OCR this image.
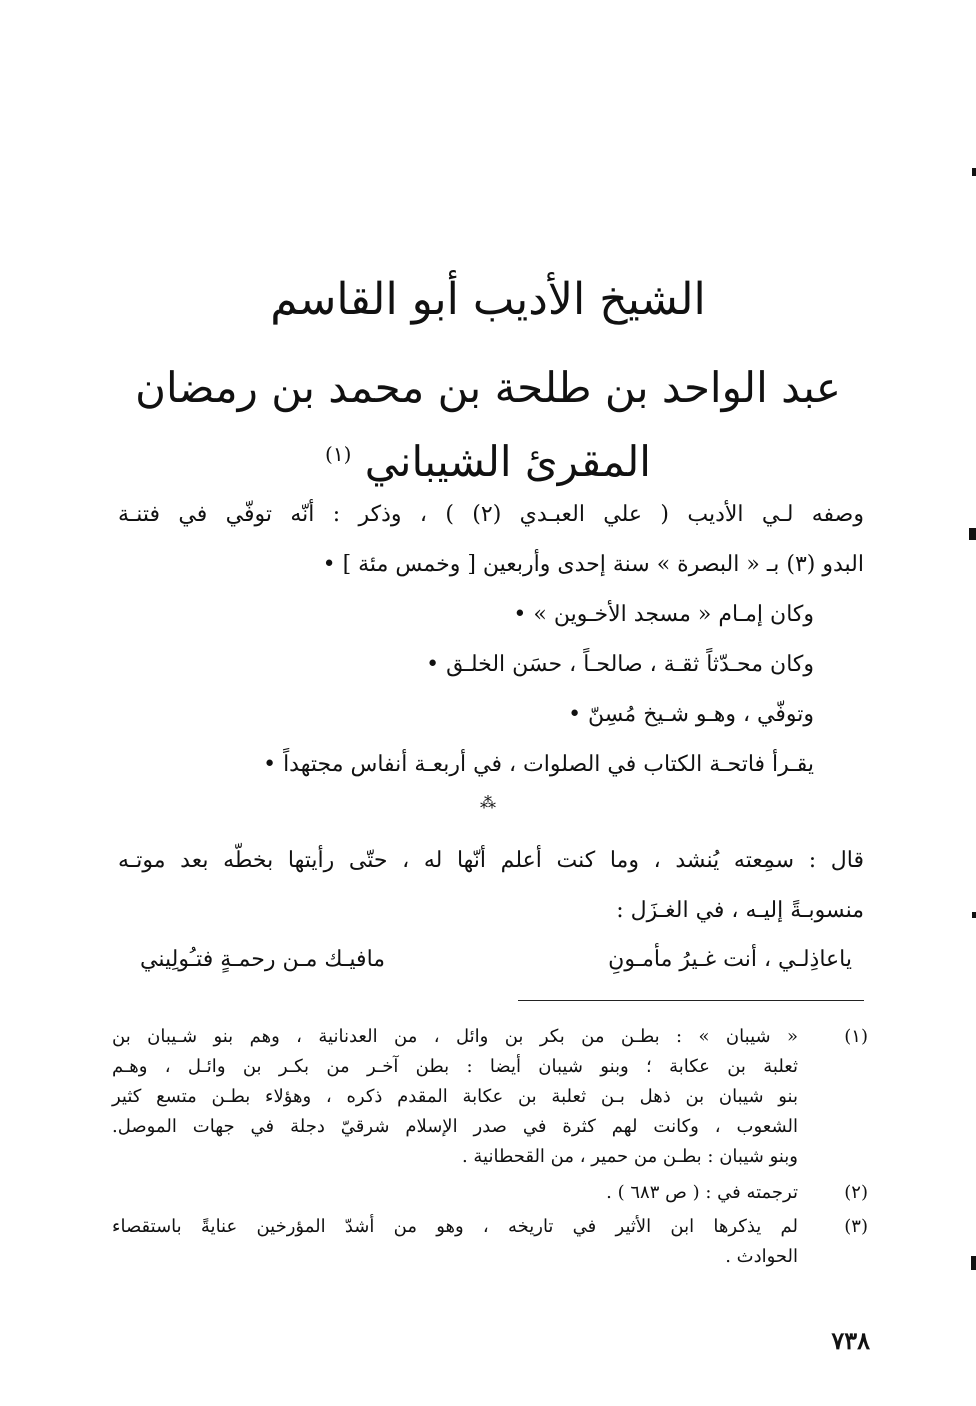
الشيخ الأديب أبو القاسم
عبد الواحد بن طلحة بن محمد بن رمضان المقرئ الشيباني $^{(١)}$
وصفه لـي الأديب ( علي العبـدي (٢) ) ، وذكر : أنّه توفّي في فتنـة
البدو (٣) بـ « البصرة » سنة إحدى وأربعين [ وخمس مئة ] •
وكان إمـام « مسجد الأخـوين » •
وكان محـدّثاً ثقـة ، صالحـاً ، حسَن الخلـق •
وتوفّي ، وهـو شـيخ مُسِنّ •
يقـرأ فاتحـة الكتاب في الصلوات ، في أربعـة أنفاس مجتهداً •
⁂
قال : سمِعته يُنشد ، وما كنت أعلم أنّها له ، حتّى رأيتها بخطّه بعد موتـه
منسوبـةً إليـه ، في الغـزَل :
ياعاذِلـي ، أنت غـيرُ مأمـونِ
مافيـك مـن رحمـةٍ فتـُولِيني
(١)
« شيبان » : بطـن من بكر بن وائل ، من العدنانية ، وهم بنو شـيبان بن
ثعلبة بن عكابة ؛ وبنو شيبان أيضا : بطن آخـر من بكـر بن وائـل ، وهـم
بنو شيبان بن ذهل بـن ثعلبة بن عكابة المقدم ذكره ، وهؤلاء بطـن متسع كثير
الشعوب ، وكانت لهم كثرة في صدر الإسلام شرقيّ دجلة في جهات الموصل.
وبنو شيبان : بطـن من حمير ، من القحطانية .
(٢)
ترجمته في : ( ص ٦٨٣ ) .
(٣)
لم يذكرها ابن الأثير في تاريخه ، وهو من أشدّ المؤرخين عنايةً باستقصاء
الحوادث .
٧٣٨
